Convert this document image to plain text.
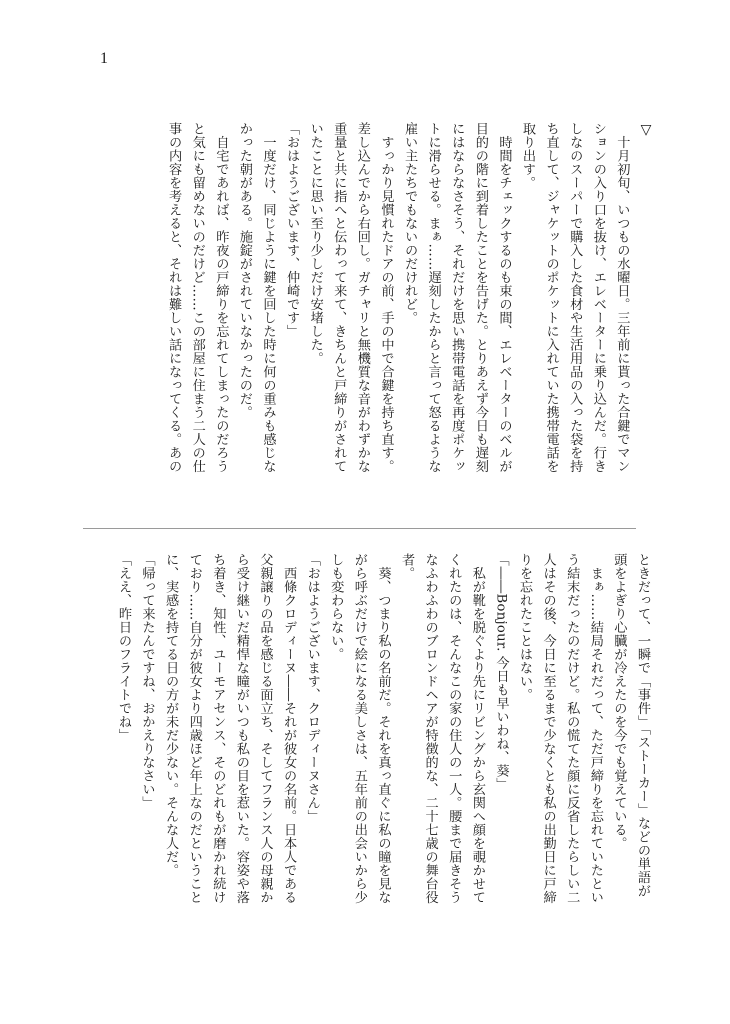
1
▽
　十月初旬、いつもの水曜日。三年前に貰った合鍵でマン
ションの入り口を抜け、エレベーターに乗り込んだ。行き
しなのスーパーで購入した食材や生活用品の入った袋を持
ち直して、ジャケットのポケットに入れていた携帯電話を
取り出す。
　時間をチェックするのも束の間、エレベーターのベルが
目的の階に到着したことを告げた。とりあえず今日も遅刻
にはならなさそう、それだけを思い携帯電話を再度ポケッ
トに滑らせる。まぁ……遅刻したからと言って怒るような
雇い主たちでもないのだけれど。
　すっかり見慣れたドアの前、手の中で合鍵を持ち直す。
差し込んでから右回し。ガチャリと無機質な音がわずかな
重量と共に指へと伝わって来て、きちんと戸締りがされて
いたことに思い至り少しだけ安堵した。
「おはようございます、仲崎です」
　一度だけ、同じように鍵を回した時に何の重みも感じな
かった朝がある。施錠がされていなかったのだ。
　自宅であれば、昨夜の戸締りを忘れてしまったのだろう
と気にも留めないのだけど……この部屋に住まう二人の仕
事の内容を考えると、それは難しい話になってくる。あの
ときだって、一瞬で「事件」「ストーカー」などの単語が
頭をよぎり心臓が冷えたのを今でも覚えている。
　まぁ……結局それだって、ただ戸締りを忘れていたとい
う結末だったのだけど。私の慌てた顔に反省したらしい二
人はその後、今日に至るまで少なくとも私の出勤日に戸締
りを忘れたことはない。
「――Bonjour. 今日も早いわね、葵」
　私が靴を脱ぐより先にリビングから玄関へ顔を覗かせて
くれたのは、そんなこの家の住人の一人。腰まで届きそう
なふわふわのブロンドヘアが特徴的な、二十七歳の舞台役
者。
　葵、つまり私の名前だ。それを真っ直ぐに私の瞳を見な
がら呼ぶだけで絵になる美しさは、五年前の出会いから少
しも変わらない。
「おはようございます、クロディーヌさん」
　西條クロディーヌ――それが彼女の名前。日本人である
父親譲りの品を感じる面立ち、そしてフランス人の母親か
ら受け継いだ精悍な瞳がいつも私の目を惹いた。容姿や落
ち着き、知性、ユーモアセンス、そのどれもが磨かれ続け
ており……自分が彼女より四歳ほど年上なのだということ
に、実感を持てる日の方が未だ少ない。そんな人だ。
「帰って来たんですね、おかえりなさい」
「ええ、昨日のフライトでね」
